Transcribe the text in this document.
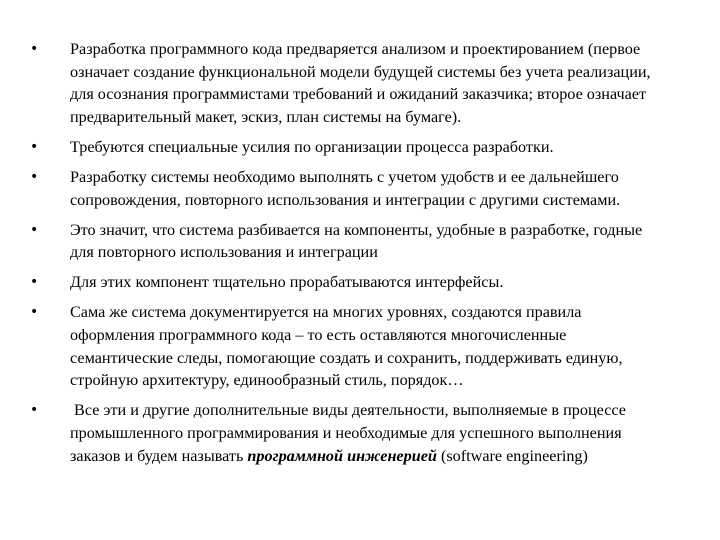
•	Разработка программного кода предваряется анализом и проектированием (первое означает создание функциональной модели будущей системы без учета реализации, для осознания программистами требований и ожиданий заказчика; второе означает предварительный макет, эскиз, план системы на бумаге).
•	Требуются специальные усилия по организации процесса разработки.
•	Разработку системы необходимо выполнять с учетом удобств и ее дальнейшего сопровождения, повторного использования и интеграции с другими системами.
•	Это значит, что система разбивается на компоненты, удобные в разработке, годные для повторного использования и интеграции
•	Для этих компонент тщательно прорабатываются интерфейсы.
•	Сама же система документируется на многих уровнях, создаются правила оформления программного кода – то есть оставляются многочисленные семантические следы, помогающие создать и сохранить, поддерживать единую, стройную архитектуру, единообразный стиль, порядок…
•	Все эти и другие дополнительные виды деятельности, выполняемые в процессе промышленного программирования и необходимые для успешного выполнения заказов и будем называть программной инженерией (software engineering)
